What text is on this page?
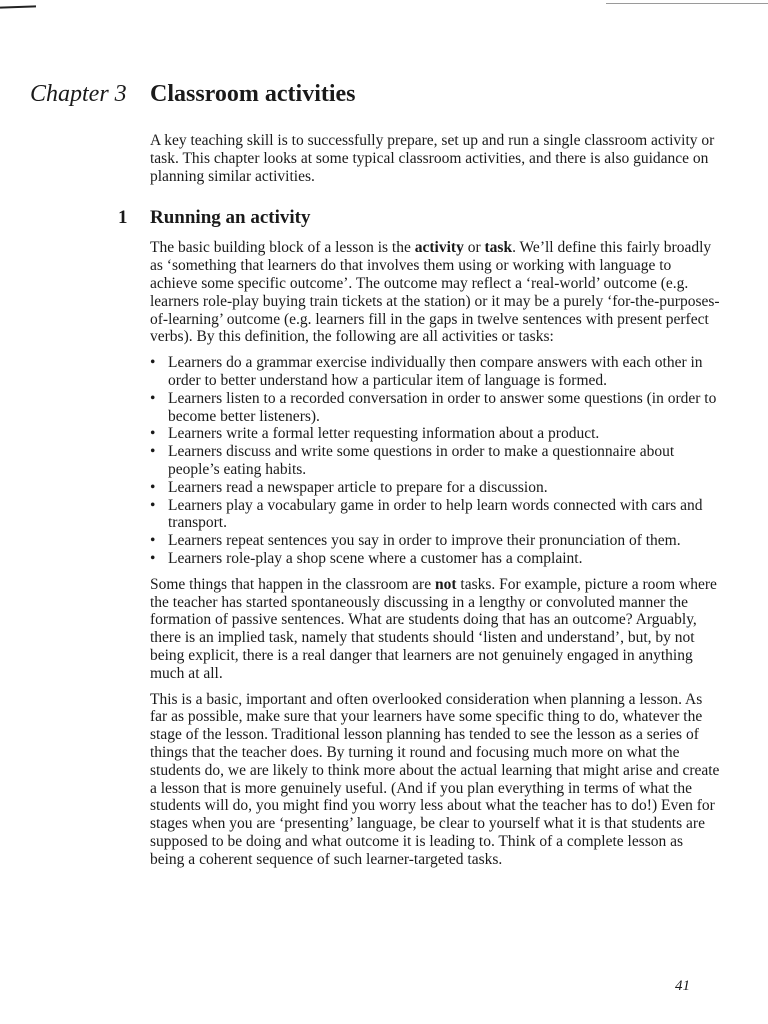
Chapter 3 Classroom activities

A key teaching skill is to successfully prepare, set up and run a single classroom activity or task. This chapter looks at some typical classroom activities, and there is also guidance on planning similar activities.

1 Running an activity

The basic building block of a lesson is the activity or task. We’ll define this fairly broadly as ‘something that learners do that involves them using or working with language to achieve some specific outcome’. The outcome may reflect a ‘real-world’ outcome (e.g. learners role-play buying train tickets at the station) or it may be a purely ‘for-the-purposes-of-learning’ outcome (e.g. learners fill in the gaps in twelve sentences with present perfect verbs). By this definition, the following are all activities or tasks:

• Learners do a grammar exercise individually then compare answers with each other in order to better understand how a particular item of language is formed.
• Learners listen to a recorded conversation in order to answer some questions (in order to become better listeners).
• Learners write a formal letter requesting information about a product.
• Learners discuss and write some questions in order to make a questionnaire about people’s eating habits.
• Learners read a newspaper article to prepare for a discussion.
• Learners play a vocabulary game in order to help learn words connected with cars and transport.
• Learners repeat sentences you say in order to improve their pronunciation of them.
• Learners role-play a shop scene where a customer has a complaint.

Some things that happen in the classroom are not tasks. For example, picture a room where the teacher has started spontaneously discussing in a lengthy or convoluted manner the formation of passive sentences. What are students doing that has an outcome? Arguably, there is an implied task, namely that students should ‘listen and understand’, but, by not being explicit, there is a real danger that learners are not genuinely engaged in anything much at all.

This is a basic, important and often overlooked consideration when planning a lesson. As far as possible, make sure that your learners have some specific thing to do, whatever the stage of the lesson. Traditional lesson planning has tended to see the lesson as a series of things that the teacher does. By turning it round and focusing much more on what the students do, we are likely to think more about the actual learning that might arise and create a lesson that is more genuinely useful. (And if you plan everything in terms of what the students will do, you might find you worry less about what the teacher has to do!) Even for stages when you are ‘presenting’ language, be clear to yourself what it is that students are supposed to be doing and what outcome it is leading to. Think of a complete lesson as being a coherent sequence of such learner-targeted tasks.

41
